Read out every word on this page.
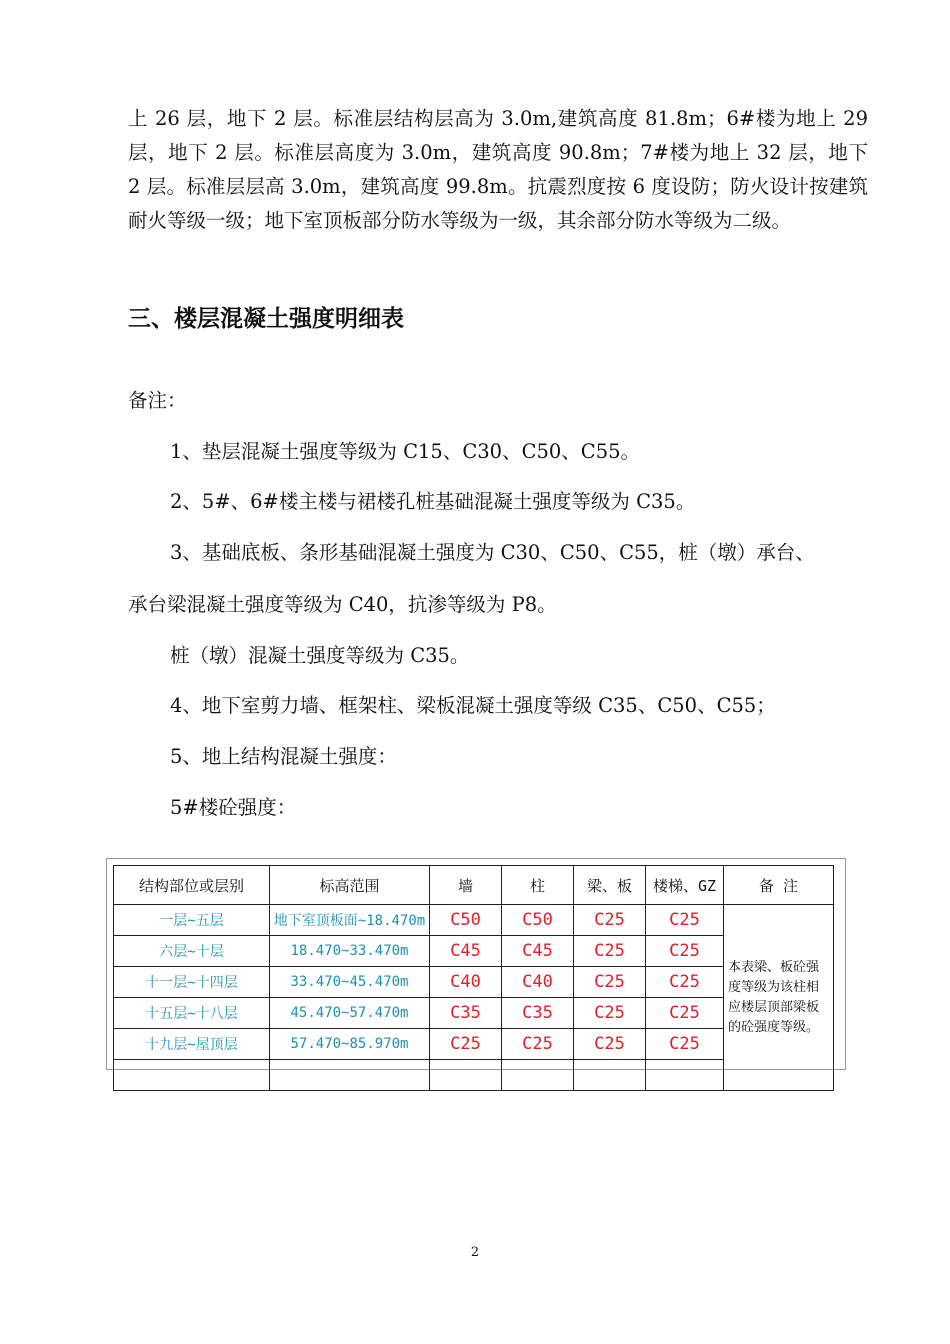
上 26 层，地下 2 层。标准层结构层高为 3.0m,建筑高度 81.8m；6#楼为地上 29 层，地下 2 层。标准层高度为 3.0m，建筑高度 90.8m；7#楼为地上 32 层，地下 2 层。标准层层高 3.0m，建筑高度 99.8m。抗震烈度按 6 度设防；防火设计按建筑耐火等级一级；地下室顶板部分防水等级为一级，其余部分防水等级为二级。

三、楼层混凝土强度明细表

备注：

1、垫层混凝土强度等级为 C15、C30、C50、C55。

2、5#、6#楼主楼与裙楼孔桩基础混凝土强度等级为 C35。

3、基础底板、条形基础混凝土强度为 C30、C50、C55，桩（墩）承台、

承台梁混凝土强度等级为 C40，抗渗等级为 P8。

桩（墩）混凝土强度等级为 C35。

4、地下室剪力墙、框架柱、梁板混凝土强度等级 C35、C50、C55；

5、地上结构混凝土强度：

5#楼砼强度：

结构部位或层别	标高范围	墙	柱	梁、板	楼梯、GZ	备 注
一层~五层	地下室顶板面~18.470m	C50	C50	C25	C25	本表梁、板砼强度等级为该柱相应楼层顶部梁板的砼强度等级。
六层~十层	18.470~33.470m	C45	C45	C25	C25	
十一层~十四层	33.470~45.470m	C40	C40	C25	C25	
十五层~十八层	45.470~57.470m	C35	C35	C25	C25	
十九层~屋顶层	57.470~85.970m	C25	C25	C25	C25	

2
